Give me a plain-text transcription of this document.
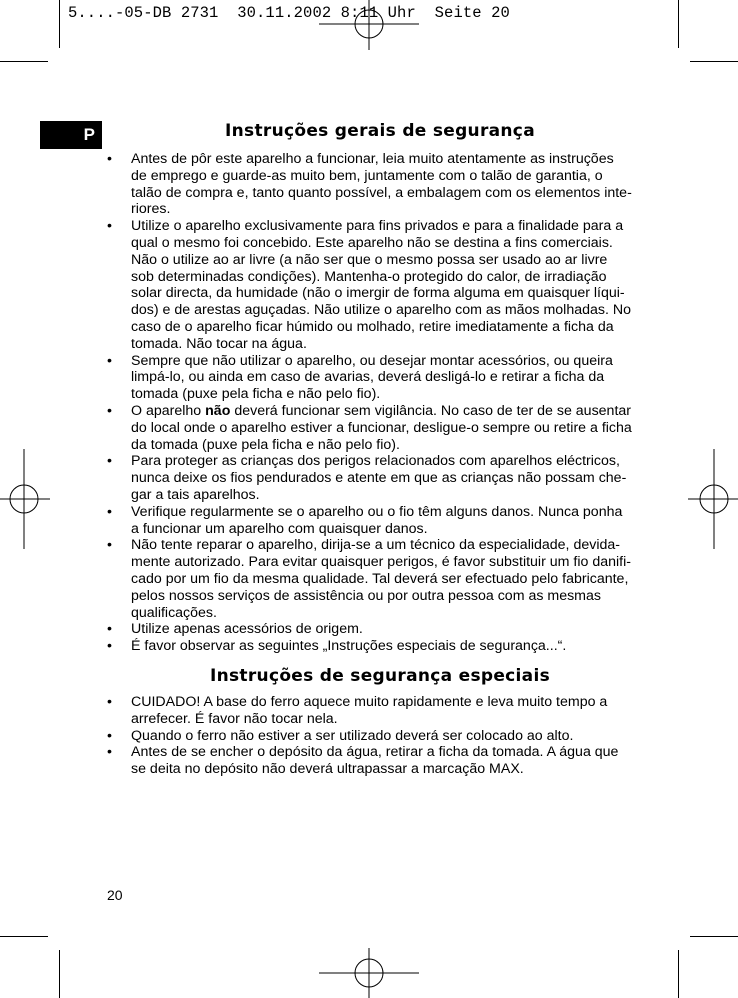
5....-05-DB 2731  30.11.2002 8:11 Uhr  Seite 20
P	Instruções gerais de segurança
• Antes de pôr este aparelho a funcionar, leia muito atentamente as instruções
de emprego e guarde-as muito bem, juntamente com o talão de garantia, o
talão de compra e, tanto quanto possível, a embalagem com os elementos inte-
riores.
• Utilize o aparelho exclusivamente para fins privados e para a finalidade para a
qual o mesmo foi concebido. Este aparelho não se destina a fins comerciais.
Não o utilize ao ar livre (a não ser que o mesmo possa ser usado ao ar livre
sob determinadas condições). Mantenha-o protegido do calor, de irradiação
solar directa, da humidade (não o imergir de forma alguma em quaisquer líqui-
dos) e de arestas aguçadas. Não utilize o aparelho com as mãos molhadas. No
caso de o aparelho ficar húmido ou molhado, retire imediatamente a ficha da
tomada. Não tocar na água.
• Sempre que não utilizar o aparelho, ou desejar montar acessórios, ou queira
limpá-lo, ou ainda em caso de avarias, deverá desligá-lo e retirar a ficha da
tomada (puxe pela ficha e não pelo fio).
• O aparelho não deverá funcionar sem vigilância. No caso de ter de se ausentar
do local onde o aparelho estiver a funcionar, desligue-o sempre ou retire a ficha
da tomada (puxe pela ficha e não pelo fio).
• Para proteger as crianças dos perigos relacionados com aparelhos eléctricos,
nunca deixe os fios pendurados e atente em que as crianças não possam che-
gar a tais aparelhos.
• Verifique regularmente se o aparelho ou o fio têm alguns danos. Nunca ponha
a funcionar um aparelho com quaisquer danos.
• Não tente reparar o aparelho, dirija-se a um técnico da especialidade, devida-
mente autorizado. Para evitar quaisquer perigos, é favor substituir um fio danifi-
cado por um fio da mesma qualidade. Tal deverá ser efectuado pelo fabricante,
pelos nossos serviços de assistência ou por outra pessoa com as mesmas
qualificações.
• Utilize apenas acessórios de origem.
• É favor observar as seguintes „Instruções especiais de segurança...“.
Instruções de segurança especiais
• CUIDADO! A base do ferro aquece muito rapidamente e leva muito tempo a
arrefecer. É favor não tocar nela.
• Quando o ferro não estiver a ser utilizado deverá ser colocado ao alto.
• Antes de se encher o depósito da água, retirar a ficha da tomada. A água que
se deita no depósito não deverá ultrapassar a marcação MAX.
20
